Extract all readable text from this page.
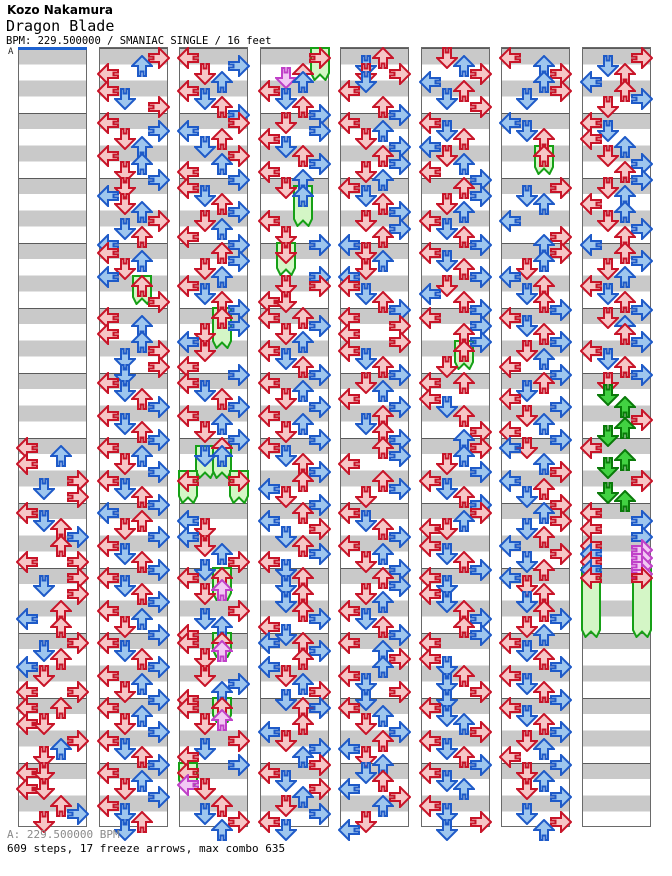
Kozo Nakamura
Dragon Blade
BPM: 229.500000 / SMANIAC SINGLE / 16 feet
A
A: 229.500000 BPM
609 steps, 17 freeze arrows, max combo 635
